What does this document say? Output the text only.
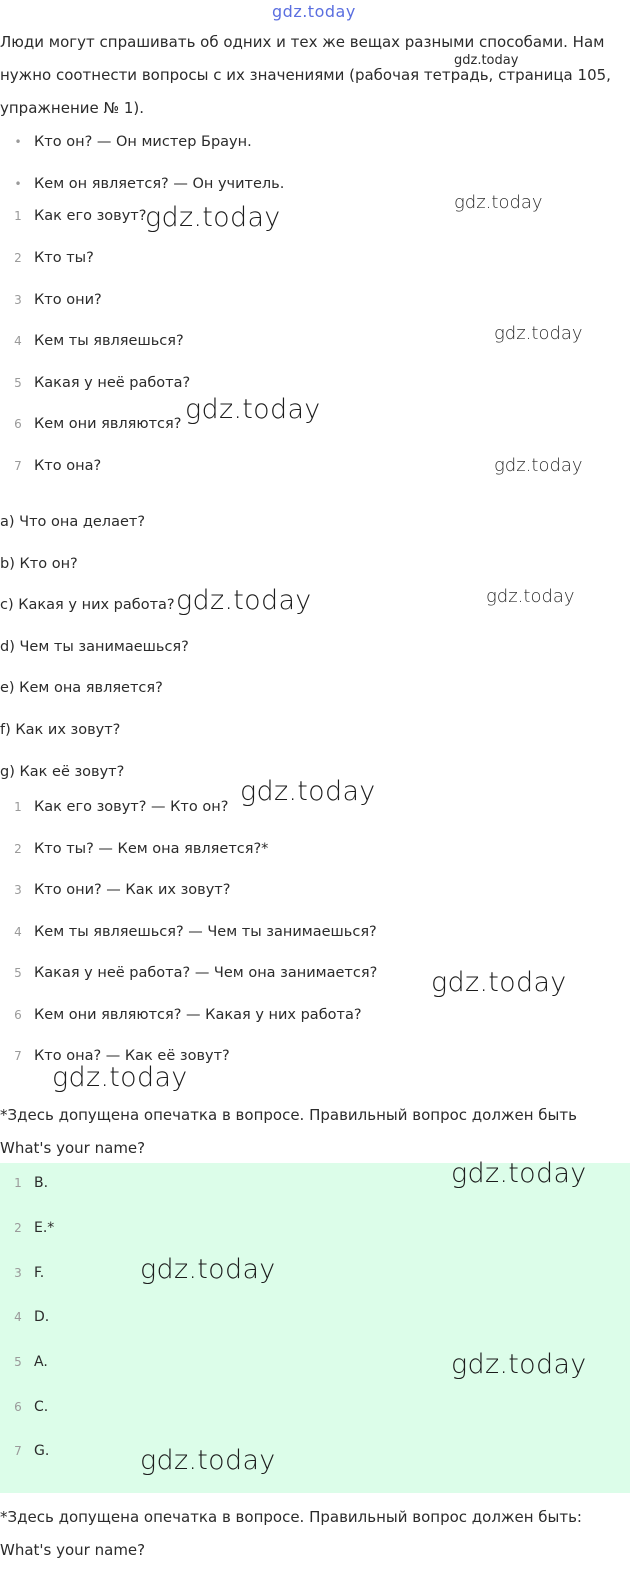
gdz.today
Люди могут спрашивать об одних и тех же вещах разными способами. Нам нужно соотнести вопросы с их значениями (рабочая тетрадь, страница 105, упражнение № 1).
• Кто он? — Он мистер Браун.
• Кем он является? — Он учитель.
1 Как его зовут?
2 Кто ты?
3 Кто они?
4 Кем ты являешься?
5 Какая у неё работа?
6 Кем они являются?
7 Кто она?
a) Что она делает?
b) Кто он?
c) Какая у них работа?
d) Чем ты занимаешься?
e) Кем она является?
f) Как их зовут?
g) Как её зовут?
1 Как его зовут? — Кто он?
2 Кто ты? — Кем она является?*
3 Кто они? — Как их зовут?
4 Кем ты являешься? — Чем ты занимаешься?
5 Какая у неё работа? — Чем она занимается?
6 Кем они являются? — Какая у них работа?
7 Кто она? — Как её зовут?
*Здесь допущена опечатка в вопросе. Правильный вопрос должен быть What's your name?
1 B.
2 E.*
3 F.
4 D.
5 A.
6 C.
7 G.
*Здесь допущена опечатка в вопросе. Правильный вопрос должен быть: What's your name?
gdz.today
gdz.today
gdz.today
gdz.today
gdz.today
gdz.today
gdz.today
gdz.today
gdz.today
gdz.today
gdz.today
gdz.today
gdz.today
gdz.today
gdz.today
